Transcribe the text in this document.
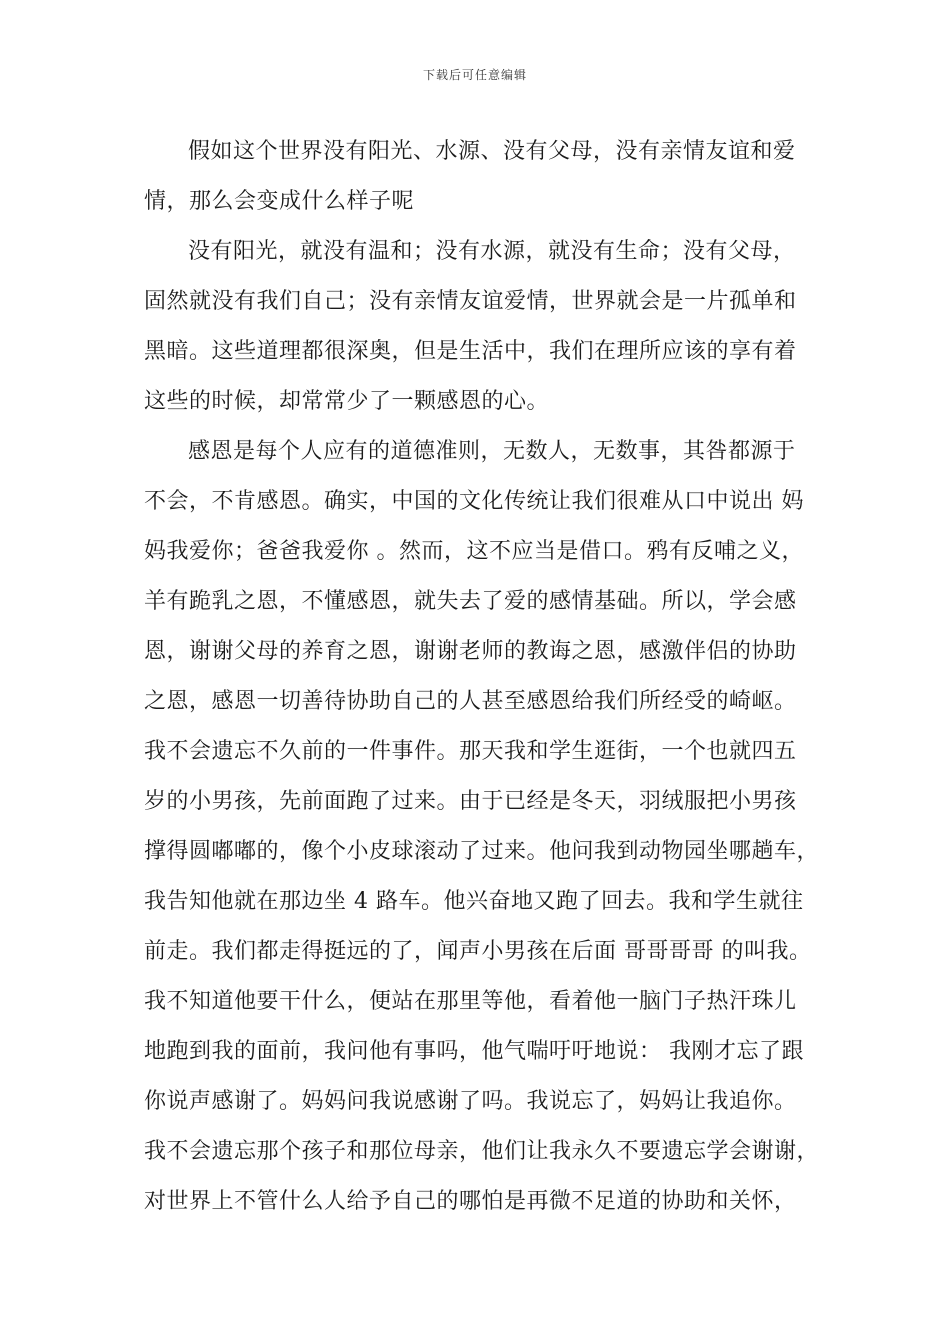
下载后可任意编辑
假如这个世界没有阳光、水源、没有父母，没有亲情友谊和爱
情，那么会变成什么样子呢
没有阳光，就没有温和；没有水源，就没有生命；没有父母，
固然就没有我们自己；没有亲情友谊爱情，世界就会是一片孤单和
黑暗。这些道理都很深奥，但是生活中，我们在理所应该的享有着
这些的时候，却常常少了一颗感恩的心。
感恩是每个人应有的道德准则，无数人，无数事，其咎都源于
不会，不肯感恩。确实，中国的文化传统让我们很难从口中说出 妈
妈我爱你；爸爸我爱你 。然而，这不应当是借口。鸦有反哺之义，
羊有跪乳之恩，不懂感恩，就失去了爱的感情基础。所以，学会感
恩，谢谢父母的养育之恩，谢谢老师的教诲之恩，感激伴侣的协助
之恩，感恩一切善待协助自己的人甚至感恩给我们所经受的崎岖。
我不会遗忘不久前的一件事件。那天我和学生逛街，一个也就四五
岁的小男孩，先前面跑了过来。由于已经是冬天，羽绒服把小男孩
撑得圆嘟嘟的，像个小皮球滚动了过来。他问我到动物园坐哪趟车，
我告知他就在那边坐 4 路车。他兴奋地又跑了回去。我和学生就往
前走。我们都走得挺远的了，闻声小男孩在后面 哥哥哥哥 的叫我。
我不知道他要干什么，便站在那里等他，看着他一脑门子热汗珠儿
地跑到我的面前，我问他有事吗，他气喘吁吁地说： 我刚才忘了跟
你说声感谢了。妈妈问我说感谢了吗。我说忘了，妈妈让我追你。
我不会遗忘那个孩子和那位母亲，他们让我永久不要遗忘学会谢谢，
对世界上不管什么人给予自己的哪怕是再微不足道的协助和关怀，
